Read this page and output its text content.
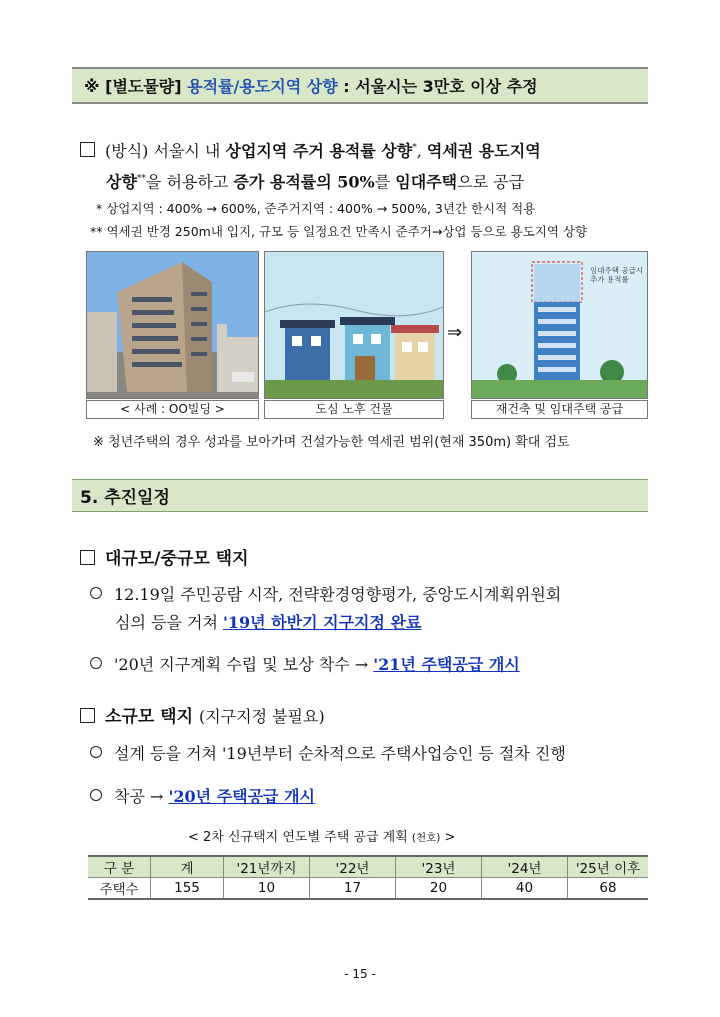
※ [별도물량]
용적률/용도지역 상향
: 서울시는 3만호 이상 추정
(방식) 서울시 내 상업지역 주거 용적률 상향*, 역세권 용도지역
상향**을 허용하고 증가 용적률의 50%를 임대주택으로 공급
* 상업지역 : 400% → 600%, 준주거지역 : 400% → 500%, 3년간 한시적 적용
** 역세권 반경 250m내 입지, 규모 등 일정요건 만족시 준주거→상업 등으로 용도지역 상향
< 사례 : OO빌딩 >	도심 노후 건물
⇒
임대주택 공급시 추가 용적률
재건축 및 임대주택 공급
※ 청년주택의 경우 성과를 보아가며 건설가능한 역세권 범위(현재 350m) 확대 검토
5. 추진일정
대규모/중규모 택지
12.19일 주민공람 시작, 전략환경영향평가, 중앙도시계획위원회
심의 등을 거쳐 '19년 하반기 지구지정 완료
'20년 지구계획 수립 및 보상 착수 → '21년 주택공급 개시
소규모 택지 (지구지정 불필요)
설계 등을 거쳐 '19년부터 순차적으로 주택사업승인 등 절차 진행
착공 → '20년 주택공급 개시
< 2차 신규택지 연도별 주택 공급 계획 (천호) >
구 분	계	'21년까지	'22년	'23년	'24년	'25년 이후
주택수	155	10	17	20	40	68
- 15 -
